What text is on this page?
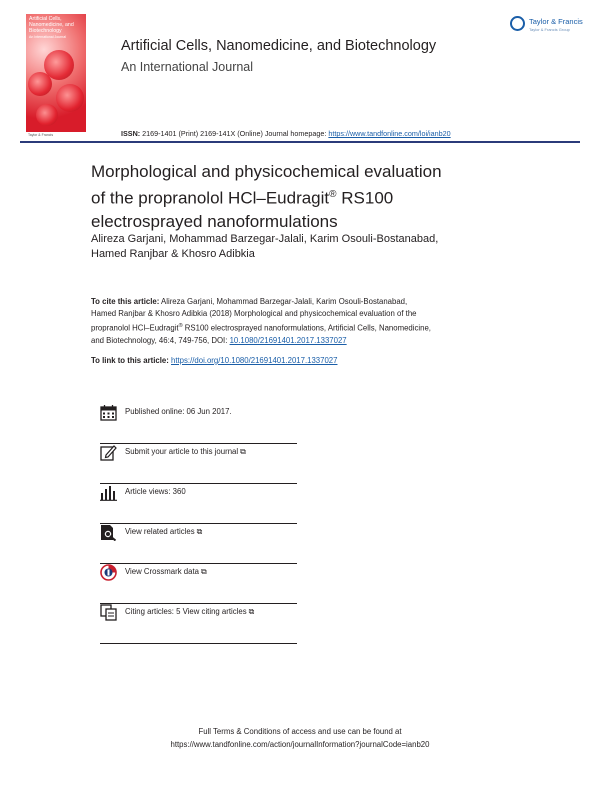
Artificial Cells, Nanomedicine, and Biotechnology
An International Journal
Taylor & Francis
Artificial Cells, Nanomedicine, and Biotechnology
An International Journal
Taylor & Francis
Taylor & Francis Group
ISSN: 2169-1401 (Print) 2169-141X (Online) Journal homepage: https://www.tandfonline.com/loi/ianb20
Morphological and physicochemical evaluation
of the propranolol HCl–Eudragit® RS100
electrosprayed nanoformulations
Alireza Garjani, Mohammad Barzegar-Jalali, Karim Osouli-Bostanabad,
Hamed Ranjbar & Khosro Adibkia
To cite this article: Alireza Garjani, Mohammad Barzegar-Jalali, Karim Osouli-Bostanabad,
Hamed Ranjbar & Khosro Adibkia (2018) Morphological and physicochemical evaluation of the
propranolol HCl–Eudragit® RS100 electrosprayed nanoformulations, Artificial Cells, Nanomedicine,
and Biotechnology, 46:4, 749-756, DOI: 10.1080/21691401.2017.1337027
To link to this article: https://doi.org/10.1080/21691401.2017.1337027
Published online: 06 Jun 2017.
Submit your article to this journal ⧉
Article views: 360
View related articles ⧉
View Crossmark data ⧉
Citing articles: 5 View citing articles ⧉
Full Terms & Conditions of access and use can be found at
https://www.tandfonline.com/action/journalInformation?journalCode=ianb20
